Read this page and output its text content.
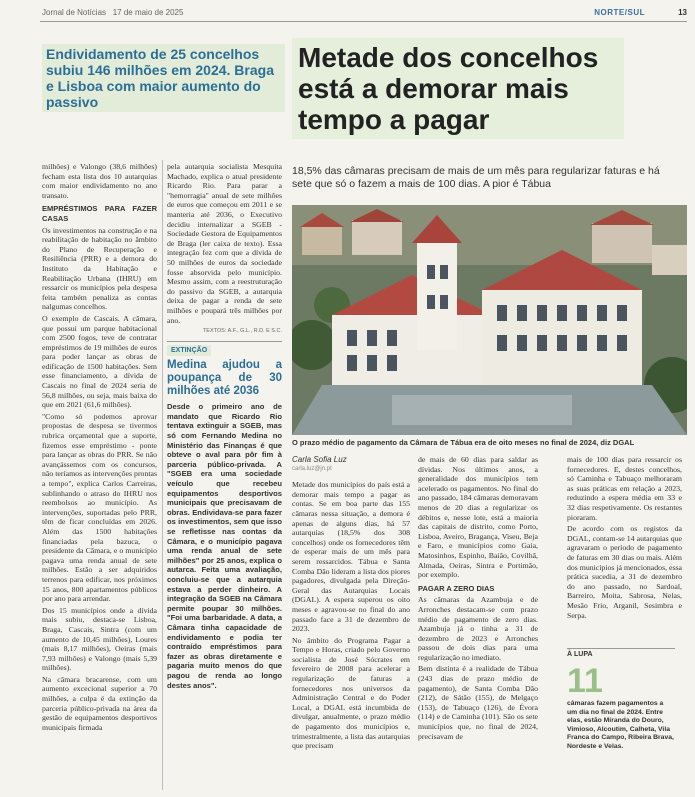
Jornal de Notícias 17 de maio de 2025	NORTE/SUL	13
Endividamento de 25 concelhos subiu 146 milhões em 2024. Braga e Lisboa com maior aumento do passivo
Metade dos concelhos está a demorar mais tempo a pagar
18,5% das câmaras precisam de mais de um mês para regularizar faturas e há sete que só o fazem a mais de 100 dias. A pior é Tábua
O prazo médio de pagamento da Câmara de Tábua era de oito meses no final de 2024, diz DGAL

milhões) e Valongo (38,6 milhões) fecham esta lista dos 10 autarquias com maior endividamento no ano transato.

EMPRÉSTIMOS PARA FAZER CASAS

Os investimentos na construção e na reabilitação de habitação no âmbito do Plano de Recuperação e Resiliência (PRR) e a demora do Instituto da Habitação e Reabilitação Urbana (IHRU) em ressarcir os municípios pela despesa feita também penaliza as contas nalgumas concelhos.

O exemplo de Cascais. A câmara, que possui um parque habitacional com 2500 fogos, teve de contratar empréstimos de 19 milhões de euros para poder lançar as obras de edificação de 1500 habitações. Sem esse financiamento, a dívida de Cascais no final de 2024 seria de 56,8 milhões, ou seja, mais baixa do que em 2021 (61,6 milhões).

"Como só podemos aprovar propostas de despesa se tivermos rubrica orçamental que a suporte, fizemos esse empréstimo - ponte para lançar as obras do PRR. Se não avançássemos com os concursos, não teríamos as intervenções prontas a tempo", explica Carlos Carreiras, sublinhando o atraso do IHRU nos reembolsos ao município. As intervenções, suportadas pelo PRR, têm de ficar concluídas em 2026. Além das 1500 habitações financiadas pela bazuca, o presidente da Câmara, e o município pagava uma renda anual de sete milhões. Estão a ser adquiridos terrenos para edificar, nos próximos 15 anos, 800 apartamentos públicos por ano para arrendar.

Dos 15 municípios onde a dívida mais subiu, destaca-se Lisboa, Braga, Cascais, Sintra (com um aumento de 10,45 milhões), Loures (mais 8,17 milhões), Oeiras (mais 7,93 milhões) e Valongo (mais 5,39 milhões).

Na câmara bracarense, com um aumento excecional superior a 70 milhões, a culpa é da extinção da parceria público-privada na área da gestão de equipamentos desportivos municipais firmada

pela autarquia socialista Mesquita Machado, explica o atual presidente Ricardo Rio. Para parar a "hemorragia" anual de sete milhões de euros que começou em 2011 e se manteria até 2036, o Executivo decidiu internalizar a SGEB - Sociedade Gestora de Equipamentos de Braga (ler caixa de texto). Essa integração fez com que a dívida de 50 milhões de euros da sociedade fosse absorvida pelo município. Mesmo assim, com a reestruturação do passivo da SGEB, a autarquia deixa de pagar a renda de sete milhões e poupará três milhões por ano.

TEXTOS: A.F., G.L., R.D. E S.C.

EXTINÇÃO
Medina ajudou a poupança de 30 milhões até 2036
Desde o primeiro ano de mandato que Ricardo Rio tentava extinguir a SGEB, mas só com Fernando Medina no Ministério das Finanças é que obteve o aval para pôr fim à parceria público-privada. A "SGEB era uma sociedade veículo que recebeu equipamentos desportivos municipais que precisavam de obras. Endividava-se para fazer os investimentos, sem que isso se refletisse nas contas da Câmara, e o município pagava uma renda anual de sete milhões" por 25 anos, explica o autarca. Feita uma avaliação, concluiu-se que a autarquia estava a perder dinheiro. A integração da SGEB na Câmara permite poupar 30 milhões. "Foi uma barbaridade. A data, a Câmara tinha capacidade de endividamento e podia ter contraído empréstimos para fazer as obras diretamente e pagaria muito menos do que pagou de renda ao longo destes anos".
Carla Sofia Luz
carla.luz@jn.pt

Metade dos municípios do país está a demorar mais tempo a pagar as contas. Se em boa parte das 155 câmaras nessa situação, a demora é apenas de alguns dias, há 57 autarquias (18,5% dos 308 concelhos) onde os fornecedores têm de esperar mais de um mês para serem ressarcidos. Tábua e Santa Comba Dão lideram a lista dos piores pagadores, divulgada pela Direção-Geral das Autarquias Locais (DGAL). A espera superou os oito meses e agravou-se no final do ano passado face a 31 de dezembro de 2023.

No âmbito do Programa Pagar a Tempo e Horas, criado pelo Governo socialista de José Sócrates em fevereiro de 2008 para acelerar a regularização de faturas a fornecedores nos universos da Administração Central e do Poder Local, a DGAL está incumbida de divulgar, anualmente, o prazo médio de pagamento dos municípios e, trimestralmente, a lista das autarquias que precisam

de mais de 60 dias para saldar as dívidas. Nos últimos anos, a generalidade dos municípios tem acelerado os pagamentos. No final do ano passado, 184 câmaras demoravam menos de 20 dias a regularizar os débitos e, nesse lote, está a maioria das capitais de distrito, como Porto, Lisboa, Aveiro, Bragança, Viseu, Beja e Faro, e municípios como Gaia, Matosinhos, Espinho, Baião, Covilhã, Almada, Oeiras, Sintra e Portimão, por exemplo.

PAGAR A ZERO DIAS

As câmaras da Azambuja e de Arronches destacam-se com prazo médio de pagamento de zero dias. Azambuja já o tinha a 31 de dezembro de 2023 e Arronches passou de dois dias para uma regularização no imediato.

Bem distinta é a realidade de Tábua (243 dias de prazo médio de pagamento), de Santa Comba Dão (212), de Sátão (155), de Melgaço (153), de Tabuaço (126), de Évora (114) e de Caminha (101). São os sete municípios que, no final de 2024, precisavam de

mais de 100 dias para ressarcir os fornecedores. E, destes concelhos, só Caminha e Tabuaço melhoraram as suas práticas em relação a 2023, reduzindo a espera média em 33 e 32 dias respetivamente. Os restantes pioraram.

De acordo com os registos da DGAL, contam-se 14 autarquias que agravaram o período de pagamento de faturas em 30 dias ou mais. Além dos municípios já mencionados, essa prática sucedia, a 31 de dezembro do ano passado, no Sardoal, Barreiro, Moita, Sabrosa, Nelas, Mesão Frio, Arganil, Sesimbra e Serpa.

À LUPA
11
câmaras fazem pagamentos a um dia no final de 2024. Entre elas, estão Miranda do Douro, Vimioso, Alcoutim, Calheta, Vila Franca do Campo, Ribeira Brava, Nordeste e Velas.
